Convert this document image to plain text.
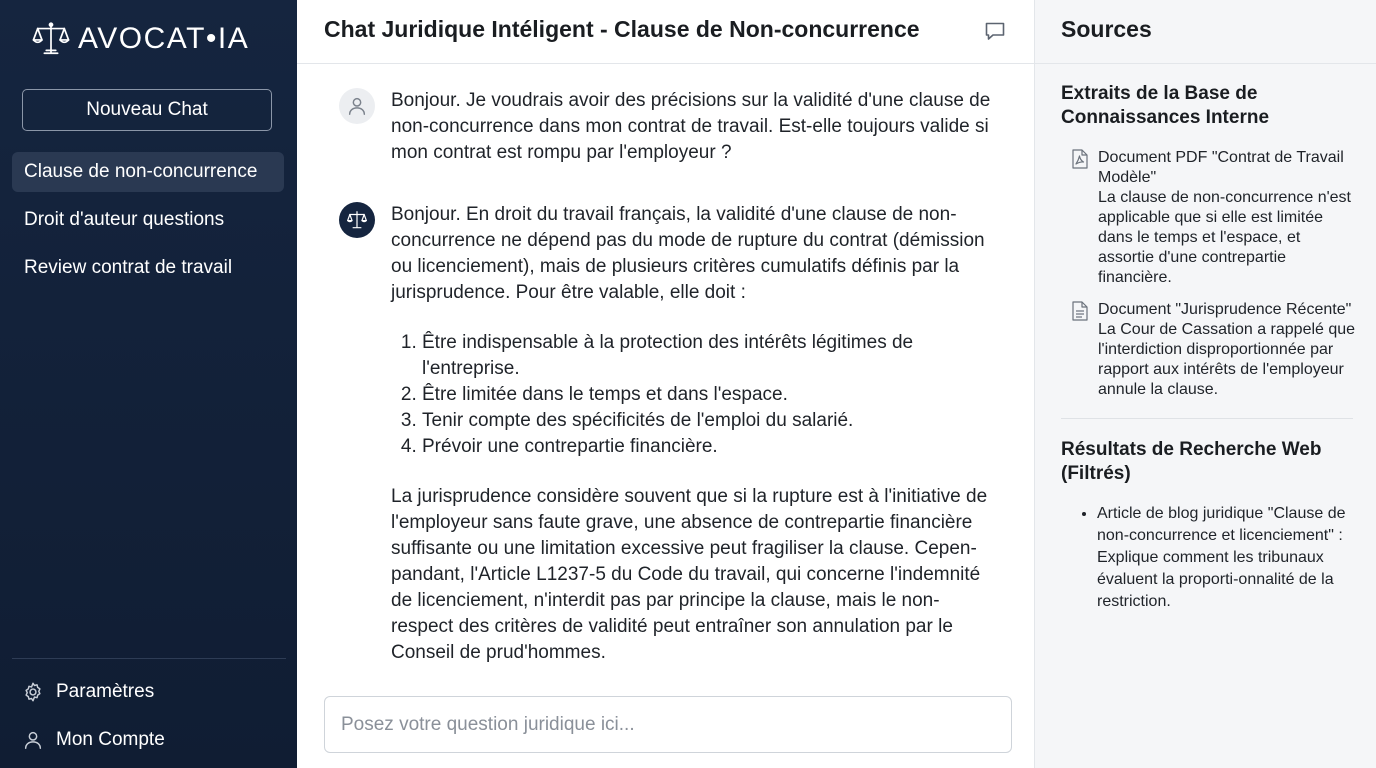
AVOCAT•IA
Nouveau Chat
Clause de non-concurrence
Droit d'auteur questions
Review contrat de travail
Paramètres
Mon Compte
Chat Juridique Intéligent - Clause de Non-concurrence
Bonjour. Je voudrais avoir des précisions sur la validité d'une clause de non-concurrence dans mon contrat de travail. Est-elle toujours valide si mon contrat est rompu par l'employeur ?

Bonjour. En droit du travail français, la validité d'une clause de non-concurrence ne dépend pas du mode de rupture du contrat (démission ou licenciement), mais de plusieurs critères cumulatifs définis par la jurisprudence. Pour être valable, elle doit :

1. Être indispensable à la protection des intérêts légitimes de l'entreprise.
2. Être limitée dans le temps et dans l'espace.
3. Tenir compte des spécificités de l'emploi du salarié.
4. Prévoir une contrepartie financière.

La jurisprudence considère souvent que si la rupture est à l'initiative de l'employeur sans faute grave, une absence de contrepartie financière suffisante ou une limitation excessive peut fragiliser la clause. Cepen-pandant, l'Article L1237-5 du Code du travail, qui concerne l'indemnité de licenciement, n'interdit pas par principe la clause, mais le non-respect des critères de validité peut entraîner son annulation par le Conseil de prud'hommes.

Posez votre question juridique ici...
Sources
Extraits de la Base de Connaissances Interne
Document PDF "Contrat de Travail Modèle"
La clause de non-concurrence n'est applicable que si elle est limitée dans le temps et l'espace, et assortie d'une contrepartie financière.
Document "Jurisprudence Récente"
La Cour de Cassation a rappelé que l'interdiction disproportionnée par rapport aux intérêts de l'employeur annule la clause.
Résultats de Recherche Web (Filtrés)
• Article de blog juridique "Clause de non-concurrence et licenciement" : Explique comment les tribunaux évaluent la proporti-onnalité de la restriction.
